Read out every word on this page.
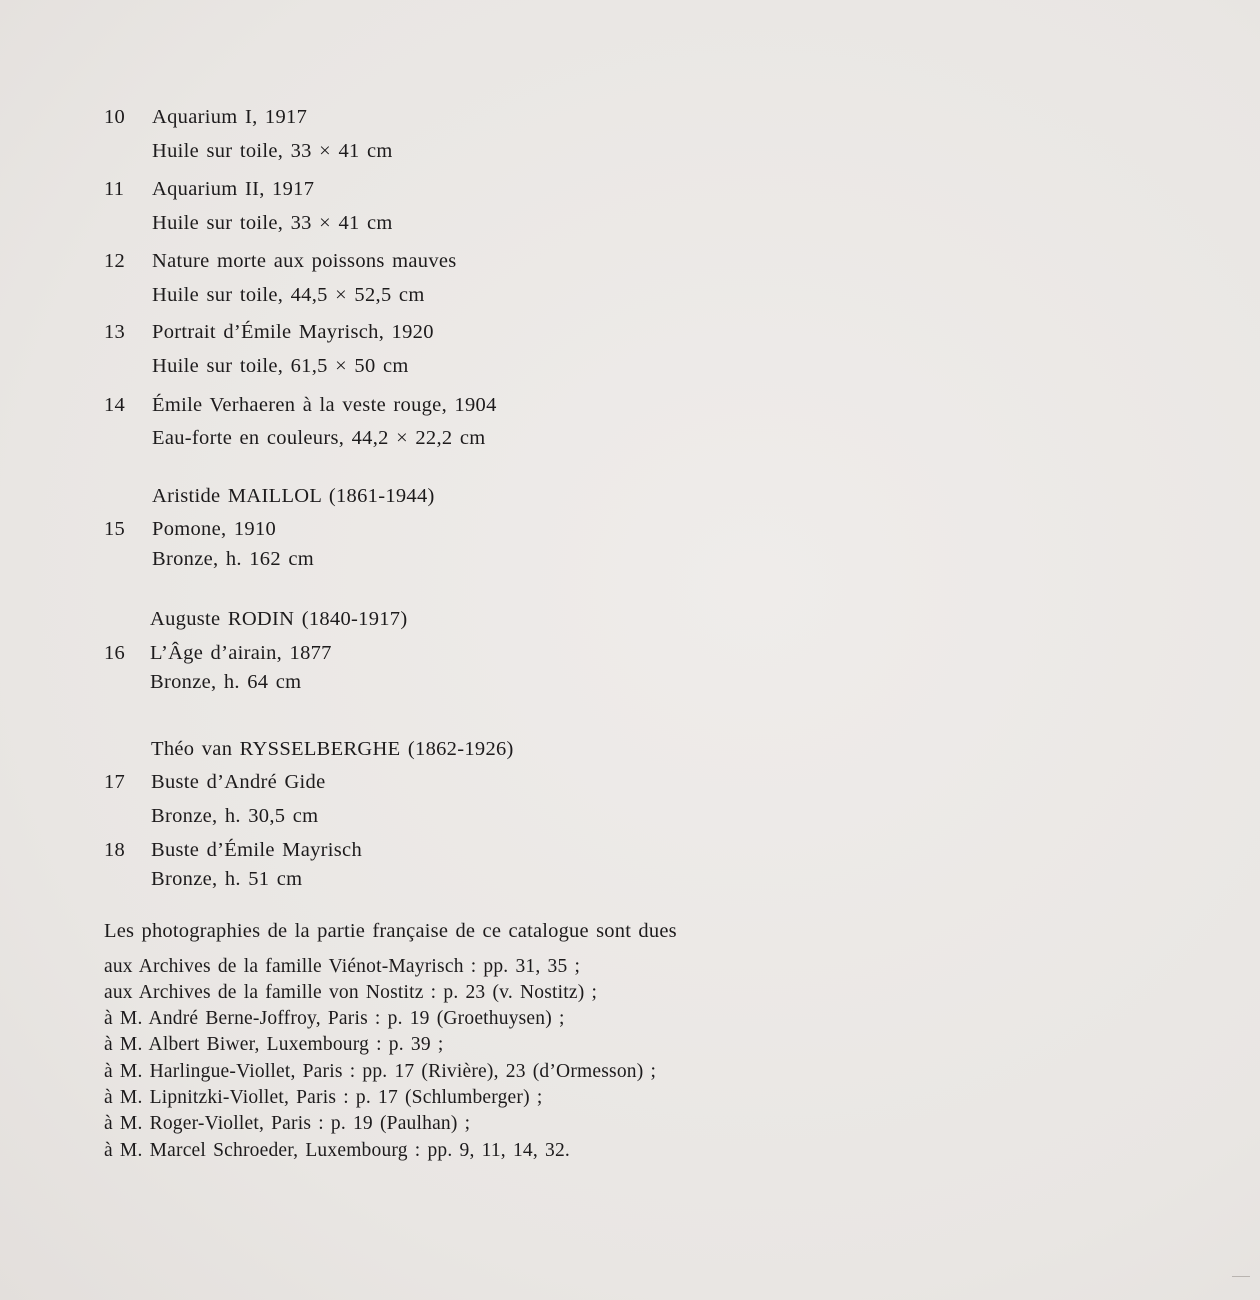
10 Aquarium I, 1917
Huile sur toile, 33 × 41 cm
11 Aquarium II, 1917
Huile sur toile, 33 × 41 cm
12 Nature morte aux poissons mauves
Huile sur toile, 44,5 × 52,5 cm
13 Portrait d’Émile Mayrisch, 1920
Huile sur toile, 61,5 × 50 cm
14 Émile Verhaeren à la veste rouge, 1904
Eau-forte en couleurs, 44,2 × 22,2 cm
Aristide MAILLOL (1861-1944)
15 Pomone, 1910
Bronze, h. 162 cm
Auguste RODIN (1840-1917)
16 L’Âge d’airain, 1877
Bronze, h. 64 cm
Théo van RYSSELBERGHE (1862-1926)
17 Buste d’André Gide
Bronze, h. 30,5 cm
18 Buste d’Émile Mayrisch
Bronze, h. 51 cm
Les photographies de la partie française de ce catalogue sont dues
aux Archives de la famille Viénot-Mayrisch : pp. 31, 35 ;
aux Archives de la famille von Nostitz : p. 23 (v. Nostitz) ;
à M. André Berne-Joffroy, Paris : p. 19 (Groethuysen) ;
à M. Albert Biwer, Luxembourg : p. 39 ;
à M. Harlingue-Viollet, Paris : pp. 17 (Rivière), 23 (d’Ormesson) ;
à M. Lipnitzki-Viollet, Paris : p. 17 (Schlumberger) ;
à M. Roger-Viollet, Paris : p. 19 (Paulhan) ;
à M. Marcel Schroeder, Luxembourg : pp. 9, 11, 14, 32.
